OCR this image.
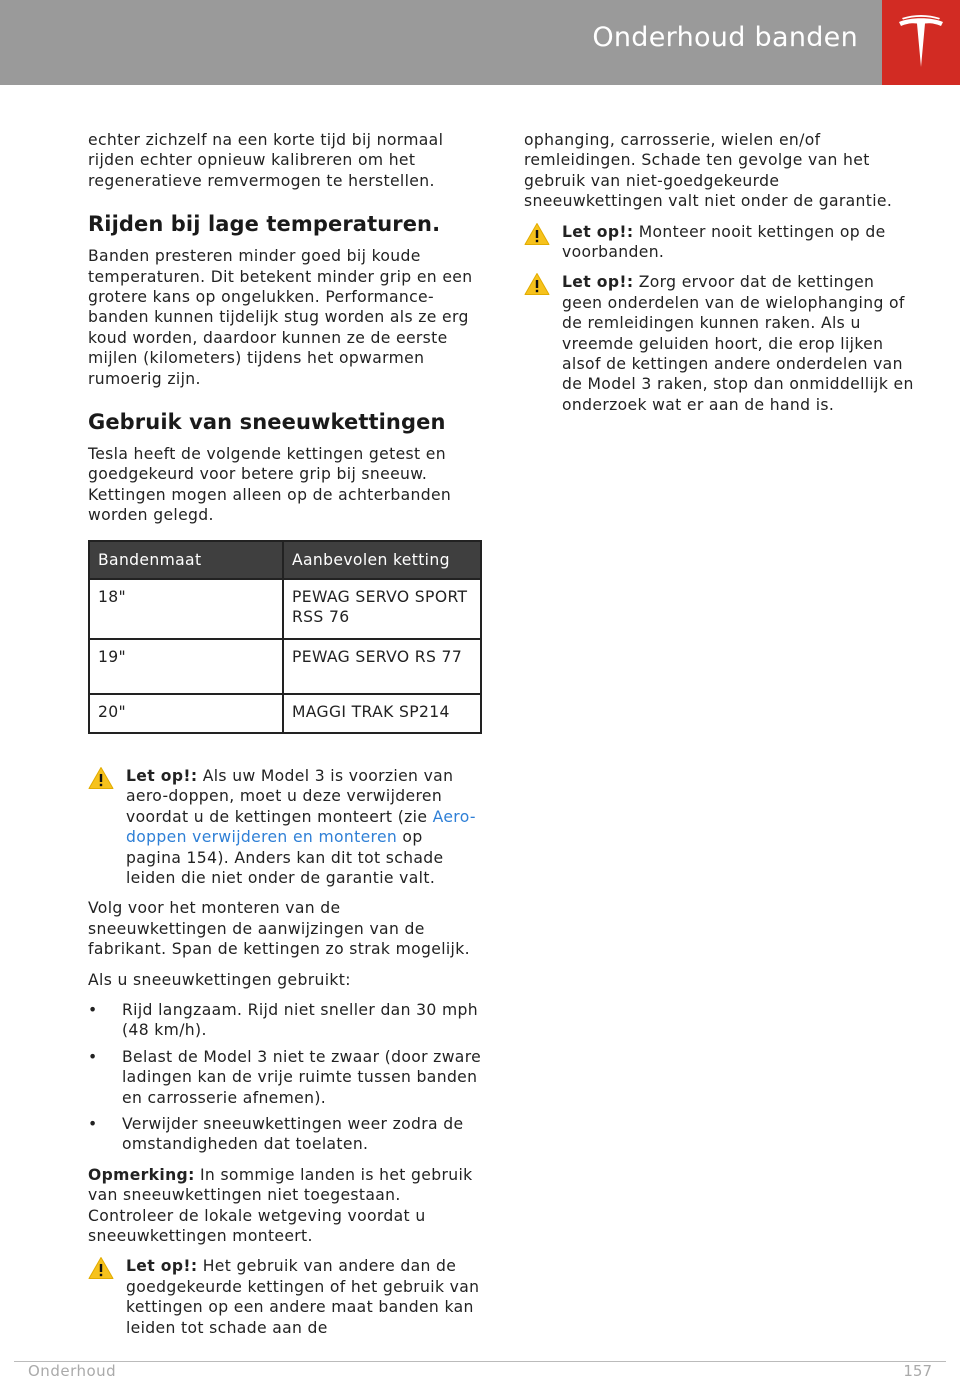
Onderhoud banden

echter zichzelf na een korte tijd bij normaal rijden echter opnieuw kalibreren om het regeneratieve remvermogen te herstellen.

Rijden bij lage temperaturen.

Banden presteren minder goed bij koude temperaturen. Dit betekent minder grip en een grotere kans op ongelukken. Performance-banden kunnen tijdelijk stug worden als ze erg koud worden, daardoor kunnen ze de eerste mijlen (kilometers) tijdens het opwarmen rumoerig zijn.

Gebruik van sneeuwkettingen

Tesla heeft de volgende kettingen getest en goedgekeurd voor betere grip bij sneeuw. Kettingen mogen alleen op de achterbanden worden gelegd.

Bandenmaat	Aanbevolen ketting
18"	PEWAG SERVO SPORT RSS 76
19"	PEWAG SERVO RS 77
20"	MAGGI TRAK SP214

Let op!: Als uw Model 3 is voorzien van aero-doppen, moet u deze verwijderen voordat u de kettingen monteert (zie Aero-doppen verwijderen en monteren op pagina 154). Anders kan dit tot schade leiden die niet onder de garantie valt.

Volg voor het monteren van de sneeuwkettingen de aanwijzingen van de fabrikant. Span de kettingen zo strak mogelijk.

Als u sneeuwkettingen gebruikt:

• Rijd langzaam. Rijd niet sneller dan 30 mph (48 km/h).
• Belast de Model 3 niet te zwaar (door zware ladingen kan de vrije ruimte tussen banden en carrosserie afnemen).
• Verwijder sneeuwkettingen weer zodra de omstandigheden dat toelaten.

Opmerking: In sommige landen is het gebruik van sneeuwkettingen niet toegestaan. Controleer de lokale wetgeving voordat u sneeuwkettingen monteert.

Let op!: Het gebruik van andere dan de goedgekeurde kettingen of het gebruik van kettingen op een andere maat banden kan leiden tot schade aan de

ophanging, carrosserie, wielen en/of remleidingen. Schade ten gevolge van het gebruik van niet-goedgekeurde sneeuwkettingen valt niet onder de garantie.

Let op!: Monteer nooit kettingen op de voorbanden.

Let op!: Zorg ervoor dat de kettingen geen onderdelen van de wielophanging of de remleidingen kunnen raken. Als u vreemde geluiden hoort, die erop lijken alsof de kettingen andere onderdelen van de Model 3 raken, stop dan onmiddellijk en onderzoek wat er aan de hand is.

Onderhoud	157
